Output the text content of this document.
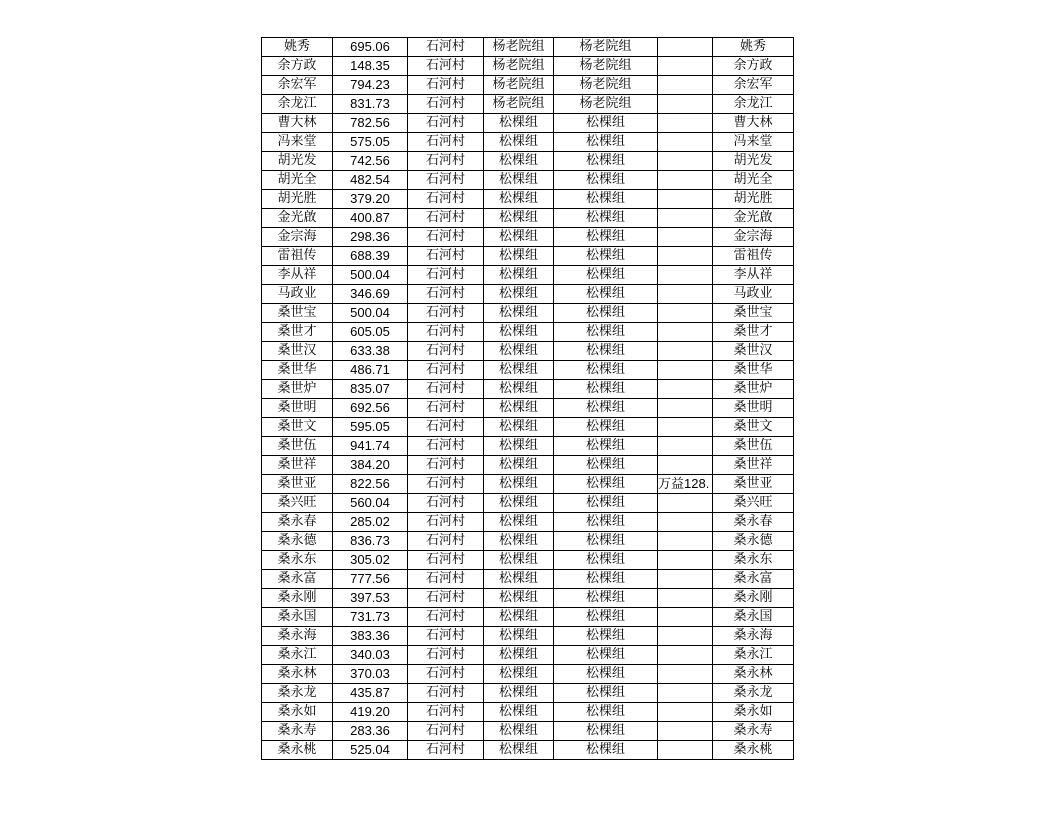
姚秀	695.06	石河村	杨老院组	杨老院组		姚秀
余方政	148.35	石河村	杨老院组	杨老院组		余方政
余宏军	794.23	石河村	杨老院组	杨老院组		余宏军
余龙江	831.73	石河村	杨老院组	杨老院组		余龙江
曹大林	782.56	石河村	松棵组	松棵组		曹大林
冯来堂	575.05	石河村	松棵组	松棵组		冯来堂
胡光发	742.56	石河村	松棵组	松棵组		胡光发
胡光全	482.54	石河村	松棵组	松棵组		胡光全
胡光胜	379.20	石河村	松棵组	松棵组		胡光胜
金光啟	400.87	石河村	松棵组	松棵组		金光啟
金宗海	298.36	石河村	松棵组	松棵组		金宗海
雷祖传	688.39	石河村	松棵组	松棵组		雷祖传
李从祥	500.04	石河村	松棵组	松棵组		李从祥
马政业	346.69	石河村	松棵组	松棵组		马政业
桑世宝	500.04	石河村	松棵组	松棵组		桑世宝
桑世才	605.05	石河村	松棵组	松棵组		桑世才
桑世汉	633.38	石河村	松棵组	松棵组		桑世汉
桑世华	486.71	石河村	松棵组	松棵组		桑世华
桑世炉	835.07	石河村	松棵组	松棵组		桑世炉
桑世明	692.56	石河村	松棵组	松棵组		桑世明
桑世文	595.05	石河村	松棵组	松棵组		桑世文
桑世伍	941.74	石河村	松棵组	松棵组		桑世伍
桑世祥	384.20	石河村	松棵组	松棵组		桑世祥
桑世亚	822.56	石河村	松棵组	松棵组	万益128.	桑世亚
桑兴旺	560.04	石河村	松棵组	松棵组		桑兴旺
桑永春	285.02	石河村	松棵组	松棵组		桑永春
桑永德	836.73	石河村	松棵组	松棵组		桑永德
桑永东	305.02	石河村	松棵组	松棵组		桑永东
桑永富	777.56	石河村	松棵组	松棵组		桑永富
桑永刚	397.53	石河村	松棵组	松棵组		桑永刚
桑永国	731.73	石河村	松棵组	松棵组		桑永国
桑永海	383.36	石河村	松棵组	松棵组		桑永海
桑永江	340.03	石河村	松棵组	松棵组		桑永江
桑永林	370.03	石河村	松棵组	松棵组		桑永林
桑永龙	435.87	石河村	松棵组	松棵组		桑永龙
桑永如	419.20	石河村	松棵组	松棵组		桑永如
桑永寿	283.36	石河村	松棵组	松棵组		桑永寿
桑永桃	525.04	石河村	松棵组	松棵组		桑永桃
